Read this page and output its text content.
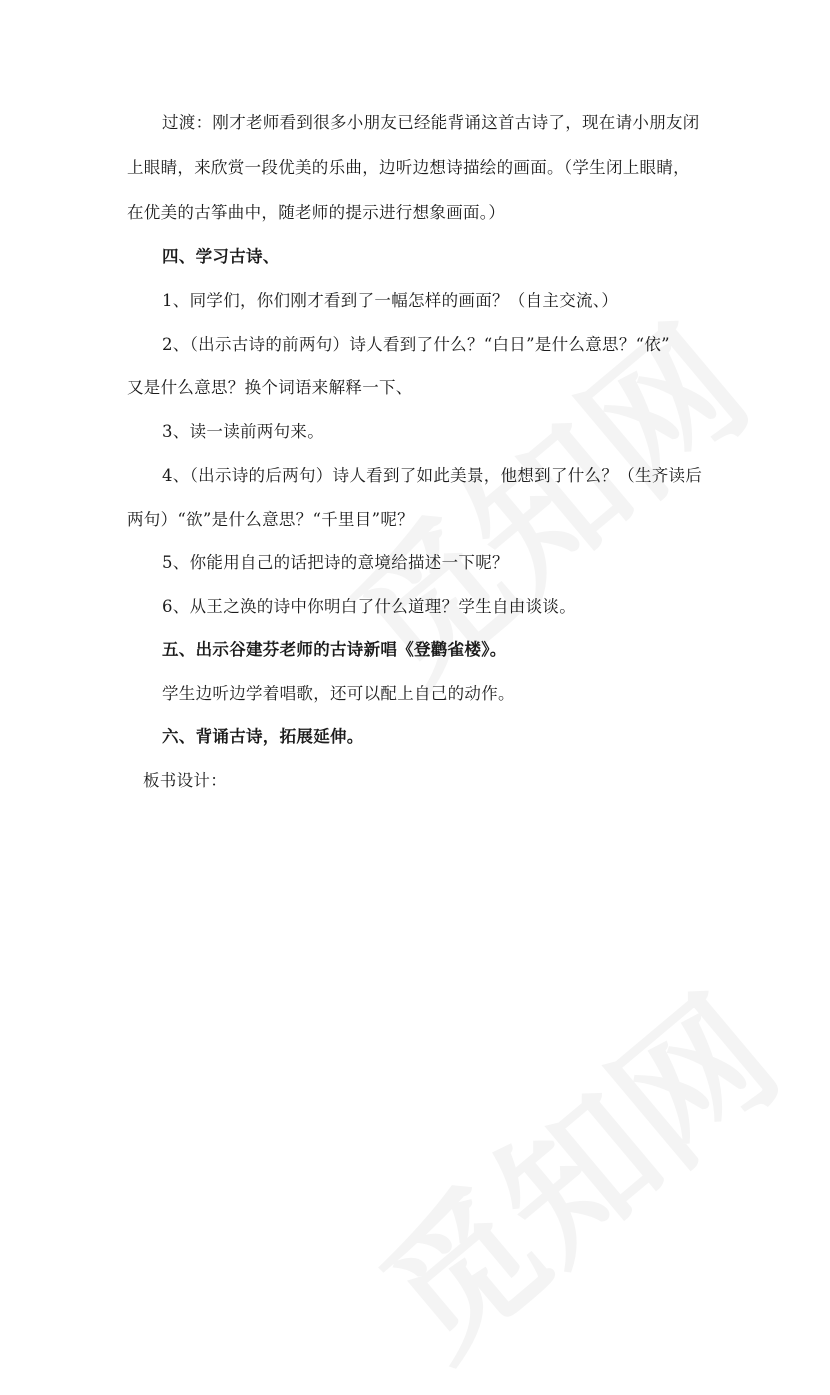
过渡：刚才老师看到很多小朋友已经能背诵这首古诗了，现在请小朋友闭
上眼睛，来欣赏一段优美的乐曲，边听边想诗描绘的画面。（学生闭上眼睛，
在优美的古筝曲中，随老师的提示进行想象画面。）
四、学习古诗、
1、同学们，你们刚才看到了一幅怎样的画面？（自主交流、）
2、（出示古诗的前两句）诗人看到了什么？“白日”是什么意思？“依”
又是什么意思？换个词语来解释一下、
3、读一读前两句来。
4、（出示诗的后两句）诗人看到了如此美景，他想到了什么？（生齐读后
两句）“欲”是什么意思？“千里目”呢？
5、你能用自己的话把诗的意境给描述一下呢？
6、从王之涣的诗中你明白了什么道理？学生自由谈谈。
五、出示谷建芬老师的古诗新唱《登鹳雀楼》。
学生边听边学着唱歌，还可以配上自己的动作。
六、背诵古诗，拓展延伸。
板书设计：
